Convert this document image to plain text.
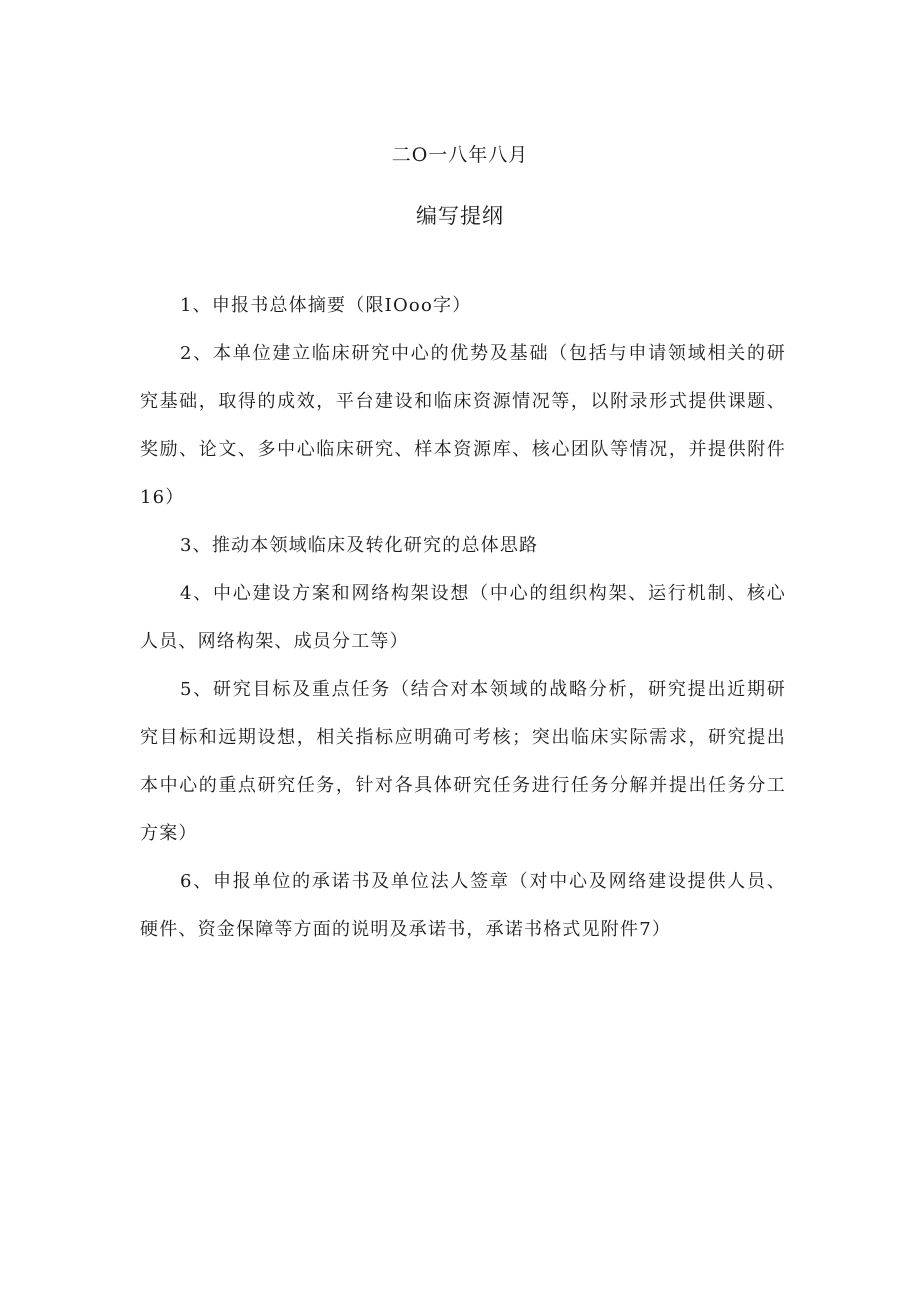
二O一八年八月
编写提纲

1、申报书总体摘要（限IOoo字）

2、本单位建立临床研究中心的优势及基础（包括与申请领域相关的研究基础，取得的成效，平台建设和临床资源情况等，以附录形式提供课题、奖励、论文、多中心临床研究、样本资源库、核心团队等情况，并提供附件16）

3、推动本领域临床及转化研究的总体思路

4、中心建设方案和网络构架设想（中心的组织构架、运行机制、核心人员、网络构架、成员分工等）

5、研究目标及重点任务（结合对本领域的战略分析，研究提出近期研究目标和远期设想，相关指标应明确可考核；突出临床实际需求，研究提出本中心的重点研究任务，针对各具体研究任务进行任务分解并提出任务分工方案）

6、申报单位的承诺书及单位法人签章（对中心及网络建设提供人员、硬件、资金保障等方面的说明及承诺书，承诺书格式见附件7）
